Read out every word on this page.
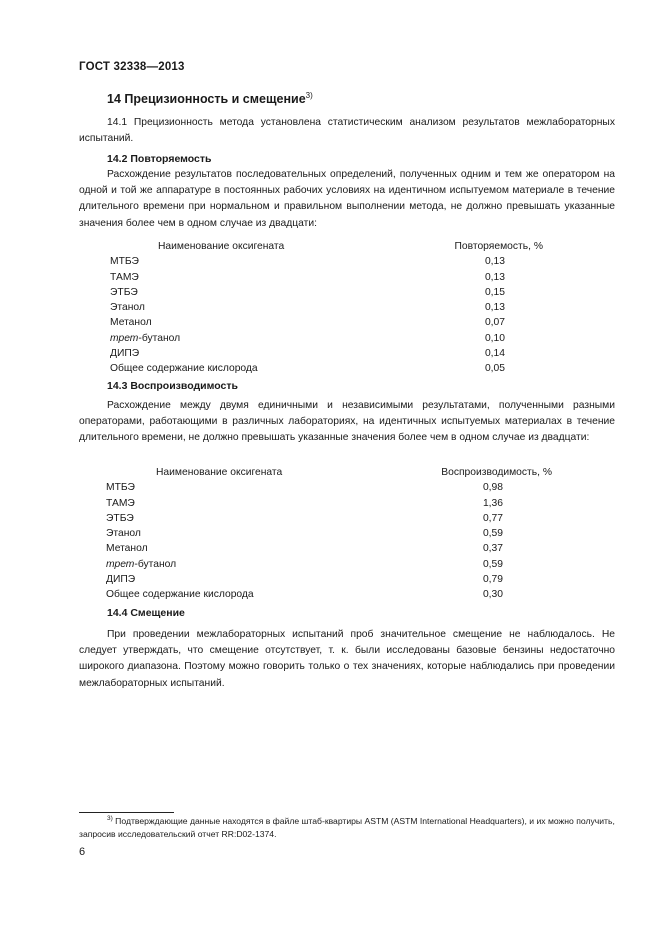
ГОСТ 32338—2013
14 Прецизионность и смещение$^{3)}$
14.1 Прецизионность метода установлена статистическим анализом результатов межлабораторных испытаний.
14.2 Повторяемость
Расхождение результатов последовательных определений, полученных одним и тем же оператором на одной и той же аппаратуре в постоянных рабочих условиях на идентичном испытуемом материале в течение длительного времени при нормальном и правильном выполнении метода, не должно превышать указанные значения более чем в одном случае из двадцати:
Наименование оксигената	Повторяемость, %
МТБЭ	0,13
ТАМЭ	0,13
ЭТБЭ	0,15
Этанол	0,13
Метанол	0,07
трет-бутанол	0,10
ДИПЭ	0,14
Общее содержание кислорода	0,05
14.3 Воспроизводимость
Расхождение между двумя единичными и независимыми результатами, полученными разными операторами, работающими в различных лабораториях, на идентичных испытуемых материалах в течение длительного времени, не должно превышать указанные значения более чем в одном случае из двадцати:
Наименование оксигената	Воспроизводимость, %
МТБЭ	0,98
ТАМЭ	1,36
ЭТБЭ	0,77
Этанол	0,59
Метанол	0,37
трет-бутанол	0,59
ДИПЭ	0,79
Общее содержание кислорода	0,30
14.4 Смещение
При проведении межлабораторных испытаний проб значительное смещение не наблюдалось. Не следует утверждать, что смещение отсутствует, т. к. были исследованы базовые бензины недостаточно широкого диапазона. Поэтому можно говорить только о тех значениях, которые наблюдались при проведении межлабораторных испытаний.
$^{3)}$ Подтверждающие данные находятся в файле штаб-квартиры ASTM (ASTM International Headquarters), и их можно получить, запросив исследовательский отчет RR:D02-1374.
6
